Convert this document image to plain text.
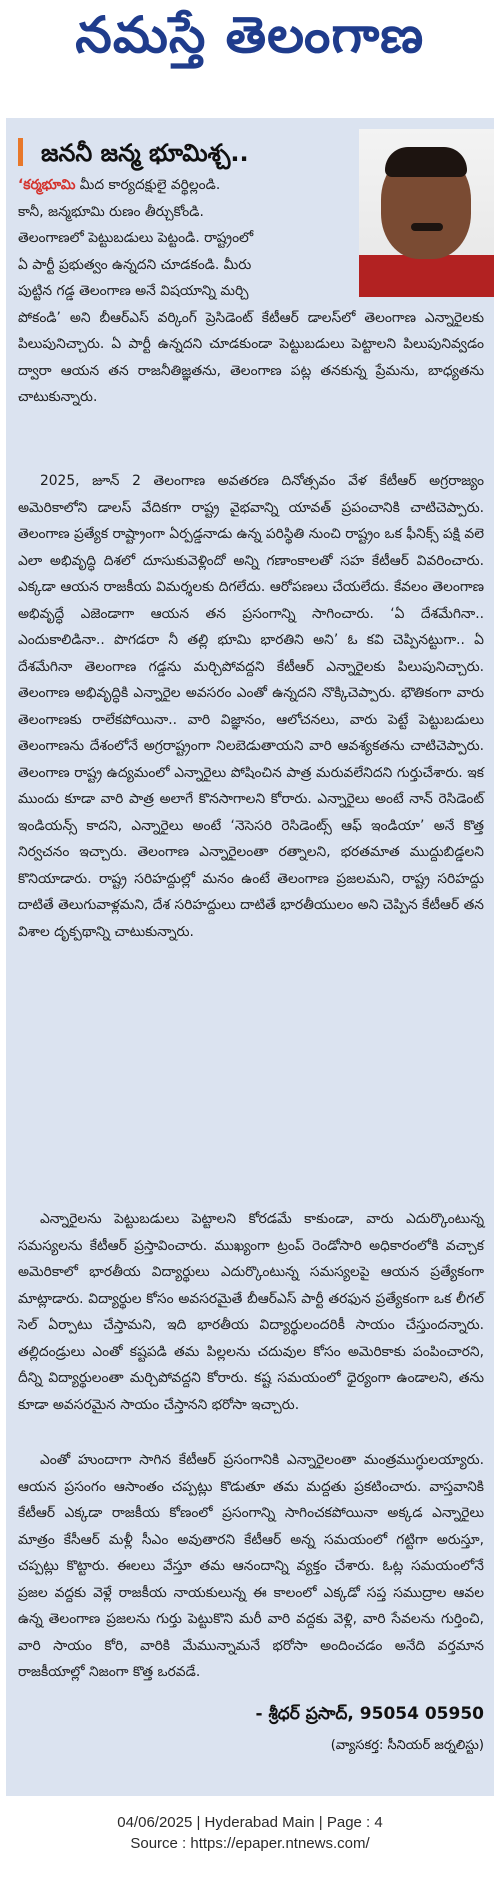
నమస్తే తెలంగాణ
జననీ జన్మ భూమిశ్చ..
‘కర్మభూమి మీద కార్యదక్షులై వర్థిల్లండి.
కానీ, జన్మభూమి రుణం తీర్చుకోండి.
తెలంగాణలో పెట్టుబడులు పెట్టండి. రాష్ట్రంలో
ఏ పార్టీ ప్రభుత్వం ఉన్నదని చూడకండి. మీరు
పుట్టిన గడ్డ తెలంగాణ అనే విషయాన్ని మర్చి
పోకండి’ అని బీఆర్ఎస్ వర్కింగ్ ప్రెసిడెంట్ కేటీఆర్ డాలస్‌లో తెలంగాణ ఎన్నారైలకు పిలుపునిచ్చారు. ఏ పార్టీ ఉన్నదని చూడకుండా పెట్టుబడులు పెట్టాలని పిలుపునివ్వడం ద్వారా ఆయన తన రాజనీతిజ్ఞతను, తెలంగాణ పట్ల తనకున్న ప్రేమను, బాధ్యతను చాటుకున్నారు.
2025, జూన్ 2 తెలంగాణ అవతరణ దినోత్సవం వేళ కేటీఆర్ అగ్రరాజ్యం అమెరికాలోని డాలస్ వేదికగా రాష్ట్ర వైభవాన్ని యావత్ ప్రపంచానికి చాటిచెప్పారు. తెలంగాణ ప్రత్యేక రాష్ట్రాంగా ఏర్పడ్డనాడు ఉన్న పరిస్థితి నుంచి రాష్ట్రం ఒక ఫీనిక్స్ పక్షి వలె ఎలా అభివృద్ధి దిశలో దూసుకువెళ్లిందో అన్ని గణాంకాలతో సహ కేటీఆర్ వివరించారు. ఎక్కడా ఆయన రాజకీయ విమర్శలకు దిగలేదు. ఆరోపణలు చేయలేదు. కేవలం తెలంగాణ అభివృద్ధే ఎజెండాగా ఆయన తన ప్రసంగాన్ని సాగించారు. ‘ఏ దేశమేగినా.. ఎందుకాలిడినా.. పొగడరా నీ తల్లి భూమి భారతిని అని’ ఓ కవి చెప్పినట్టుగా.. ఏ దేశమేగినా తెలంగాణ గడ్డను మర్చిపోవద్దని కేటీఆర్ ఎన్నారైలకు పిలుపునిచ్చారు. తెలంగాణ అభివృద్ధికి ఎన్నారైల అవసరం ఎంతో ఉన్నదని నొక్కిచెప్పారు. భౌతికంగా వారు తెలంగాణకు రాలేకపోయినా.. వారి విజ్ఞానం, ఆలోచనలు, వారు పెట్టే పెట్టుబడులు తెలంగాణను దేశంలోనే అగ్రరాష్ట్రంగా నిలబెడుతాయని వారి ఆవశ్యకతను చాటిచెప్పారు. తెలంగాణ రాష్ట్ర ఉద్యమంలో ఎన్నారైలు పోషించిన పాత్ర మరువలేనిదని గుర్తుచేశారు. ఇక ముందు కూడా వారి పాత్ర అలాగే కొనసాగాలని కోరారు. ఎన్నారైలు అంటే నాన్ రెసిడెంట్ ఇండియన్స్ కాదని, ఎన్నారైలు అంటే ‘నెసెసరి రెసిడెంట్స్ ఆఫ్ ఇండియా’ అనే కొత్త నిర్వచనం ఇచ్చారు. తెలంగాణ ఎన్నారైలంతా రత్నాలని, భరతమాత ముద్దుబిడ్డలని కొనియాడారు. రాష్ట్ర సరిహద్దుల్లో మనం ఉంటే తెలంగాణ ప్రజలమని, రాష్ట్ర సరిహద్దు దాటితే తెలుగువాళ్లమని, దేశ సరిహద్దులు దాటితే భారతీయులం అని చెప్పిన కేటీఆర్ తన విశాల దృక్పథాన్ని చాటుకున్నారు.
ఎన్నారైలను పెట్టుబడులు పెట్టాలని కోరడమే కాకుండా, వారు ఎదుర్కొంటున్న సమస్యలను కేటీఆర్ ప్రస్తావించారు. ముఖ్యంగా ట్రంప్ రెండోసారి అధికారంలోకి వచ్చాక అమెరికాలో భారతీయ విద్యార్థులు ఎదుర్కొంటున్న సమస్యలపై ఆయన ప్రత్యేకంగా మాట్లాడారు. విద్యార్థుల కోసం అవసరమైతే బీఆర్ఎస్ పార్టీ తరఫున ప్రత్యేకంగా ఒక లీగల్ సెల్ ఏర్పాటు చేస్తామని, ఇది భారతీయ విద్యార్థులందరికీ సాయం చేస్తుందన్నారు. తల్లిదండ్రులు ఎంతో కష్టపడి తమ పిల్లలను చదువుల కోసం అమెరికాకు పంపించారని, దీన్ని విద్యార్థులంతా మర్చిపోవద్దని కోరారు. కష్ట సమయంలో ధైర్యంగా ఉండాలని, తను కూడా అవసరమైన సాయం చేస్తానని భరోసా ఇచ్చారు.
ఎంతో హుందాగా సాగిన కేటీఆర్ ప్రసంగానికి ఎన్నారైలంతా మంత్రముగ్ధులయ్యారు. ఆయన ప్రసంగం ఆసాంతం చప్పట్లు కొడుతూ తమ మద్దతు ప్రకటించారు. వాస్తవానికి కేటీఆర్ ఎక్కడా రాజకీయ కోణంలో ప్రసంగాన్ని సాగించకపోయినా అక్కడ ఎన్నారైలు మాత్రం కేసీఆర్ మళ్లీ సీఎం అవుతారని కేటీఆర్ అన్న సమయంలో గట్టిగా అరుస్తూ, చప్పట్లు కొట్టారు. ఈలలు వేస్తూ తమ ఆనందాన్ని వ్యక్తం చేశారు. ఓట్ల సమయంలోనే ప్రజల వద్దకు వెళ్లే రాజకీయ నాయకులున్న ఈ కాలంలో ఎక్కడో సప్త సముద్రాల ఆవల ఉన్న తెలంగాణ ప్రజలను గుర్తు పెట్టుకొని మరీ వారి వద్దకు వెళ్లి, వారి సేవలను గుర్తించి, వారి సాయం కోరి, వారికి మేమున్నామనే భరోసా అందించడం అనేది వర్తమాన రాజకీయాల్లో నిజంగా కొత్త ఒరవడే.
- శ్రీధర్ ప్రసాద్, 95054 05950
(వ్యాసకర్త: సీనియర్ జర్నలిస్టు)
04/06/2025 | Hyderabad Main | Page : 4
Source : https://epaper.ntnews.com/
